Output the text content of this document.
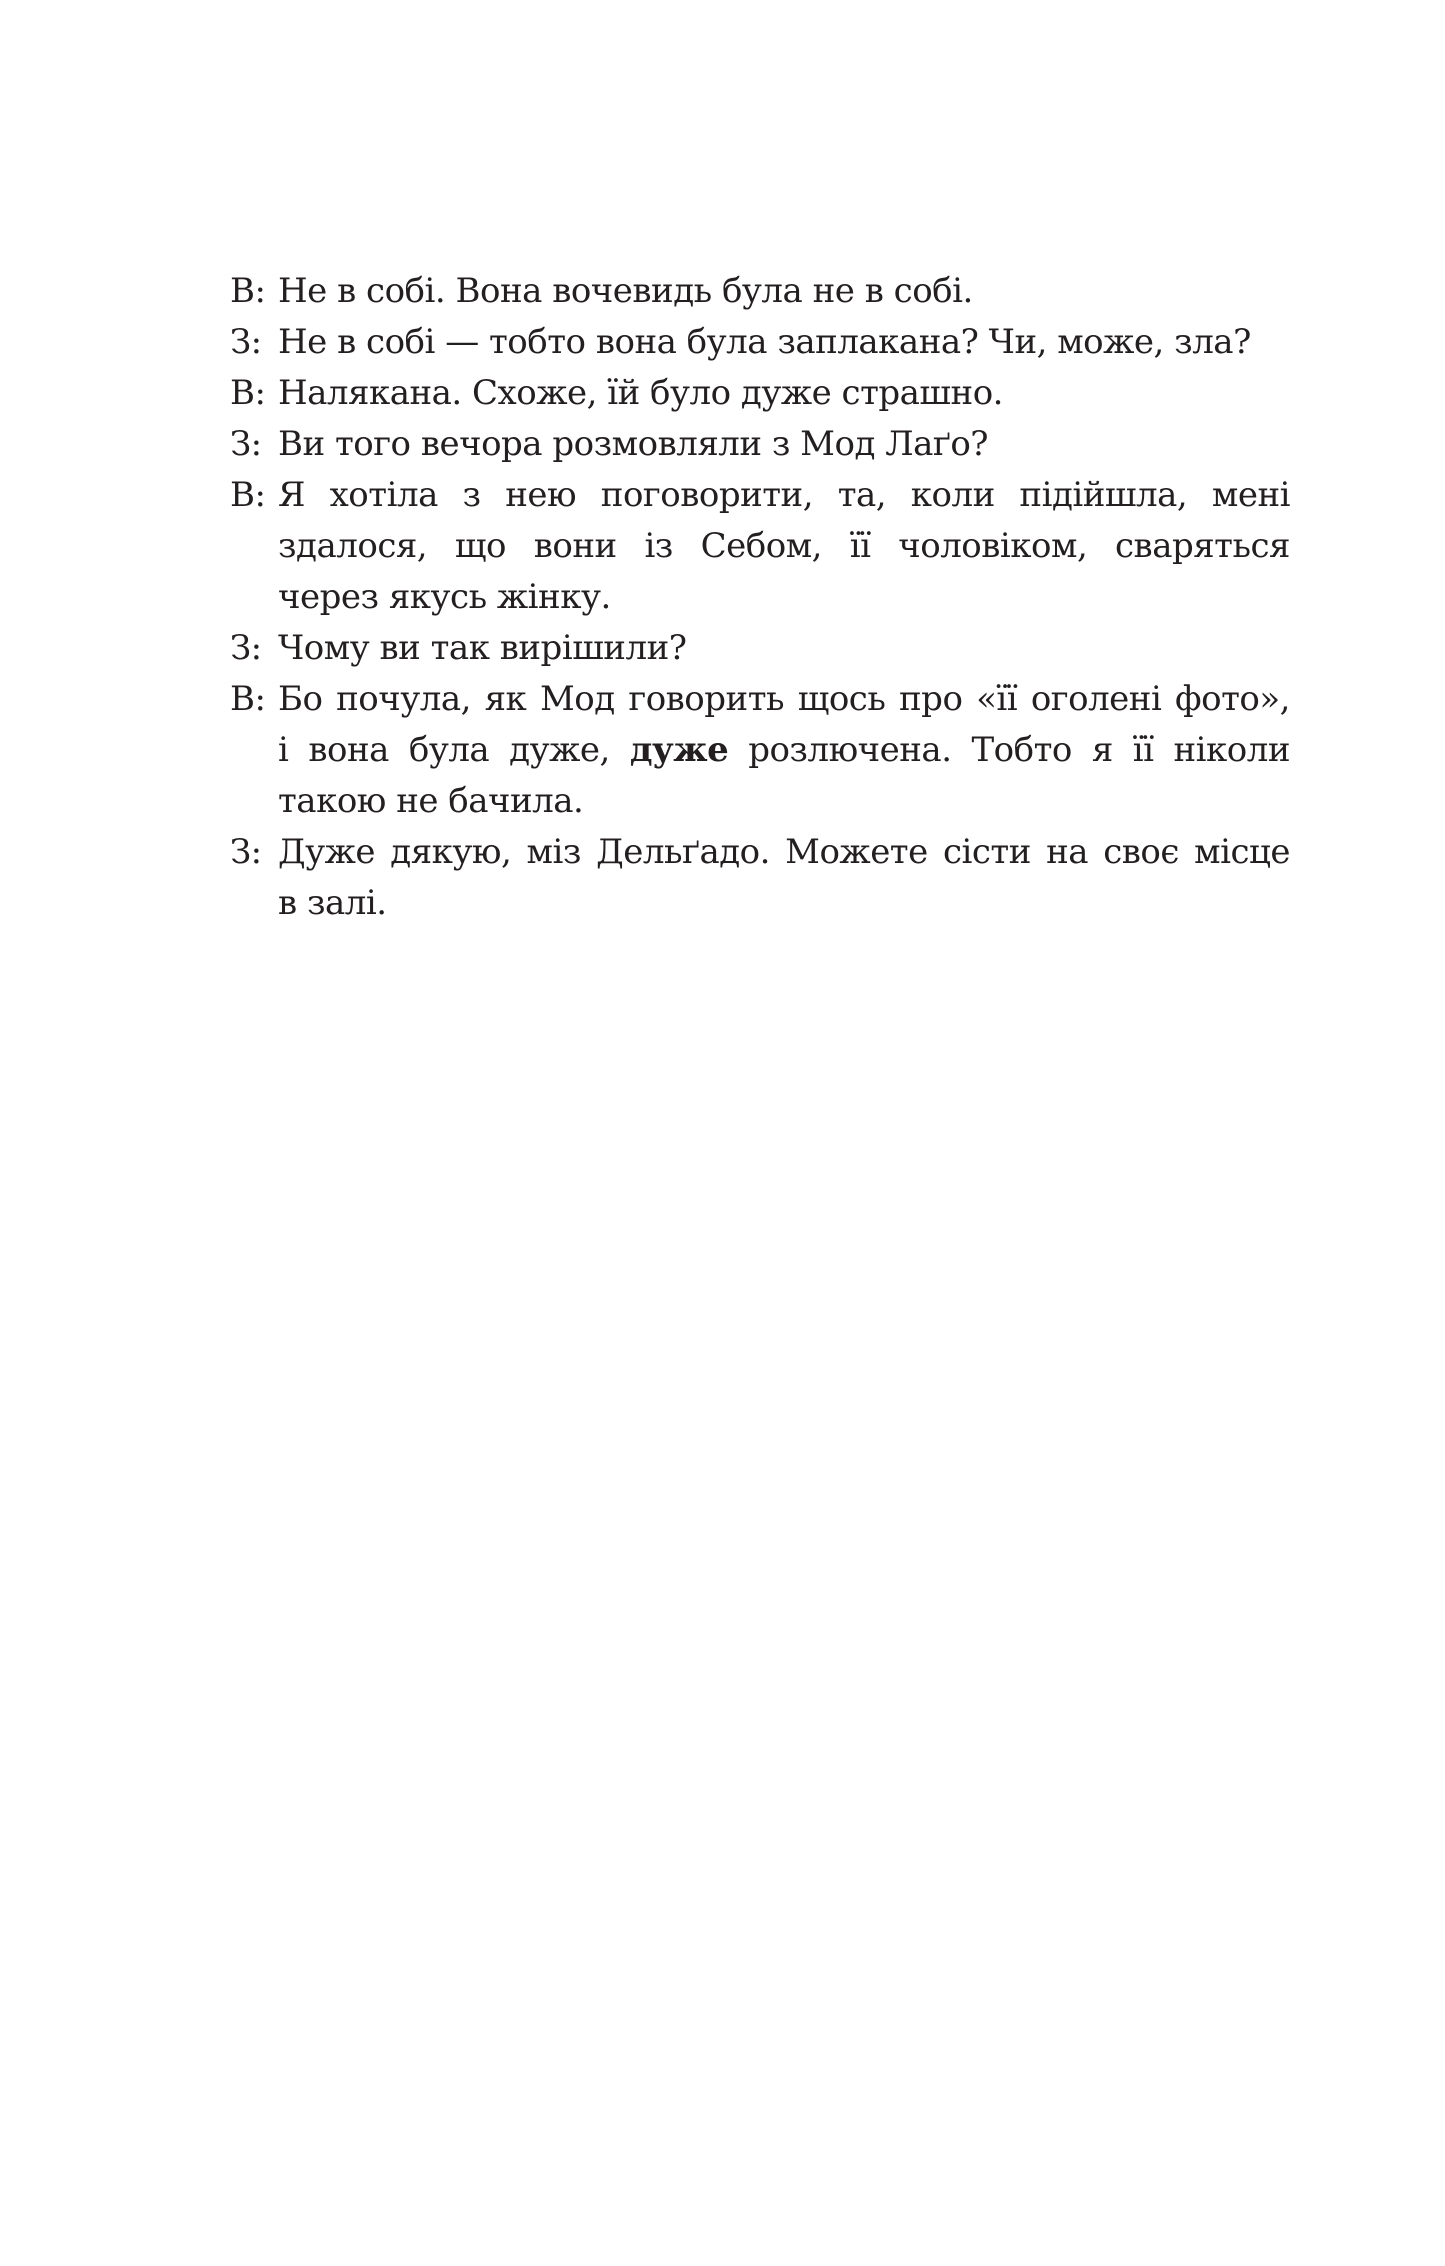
В: Не в собі. Вона вочевидь була не в собі.
З: Не в собі — тобто вона була заплакана? Чи, може, зла?
В: Налякана. Схоже, їй було дуже страшно.
З: Ви того вечора розмовляли з Мод Лаґо?
В: Я хотіла з нею поговорити, та, коли підійшла, мені
здалося, що вони із Себом, її чоловіком, сваряться
через якусь жінку.
З: Чому ви так вирішили?
В: Бо почула, як Мод говорить щось про «її оголені фото»,
і вона була дуже, дуже розлючена. Тобто я її ніколи
такою не бачила.
З: Дуже дякую, міз Дельґадо. Можете сісти на своє місце
в залі.
